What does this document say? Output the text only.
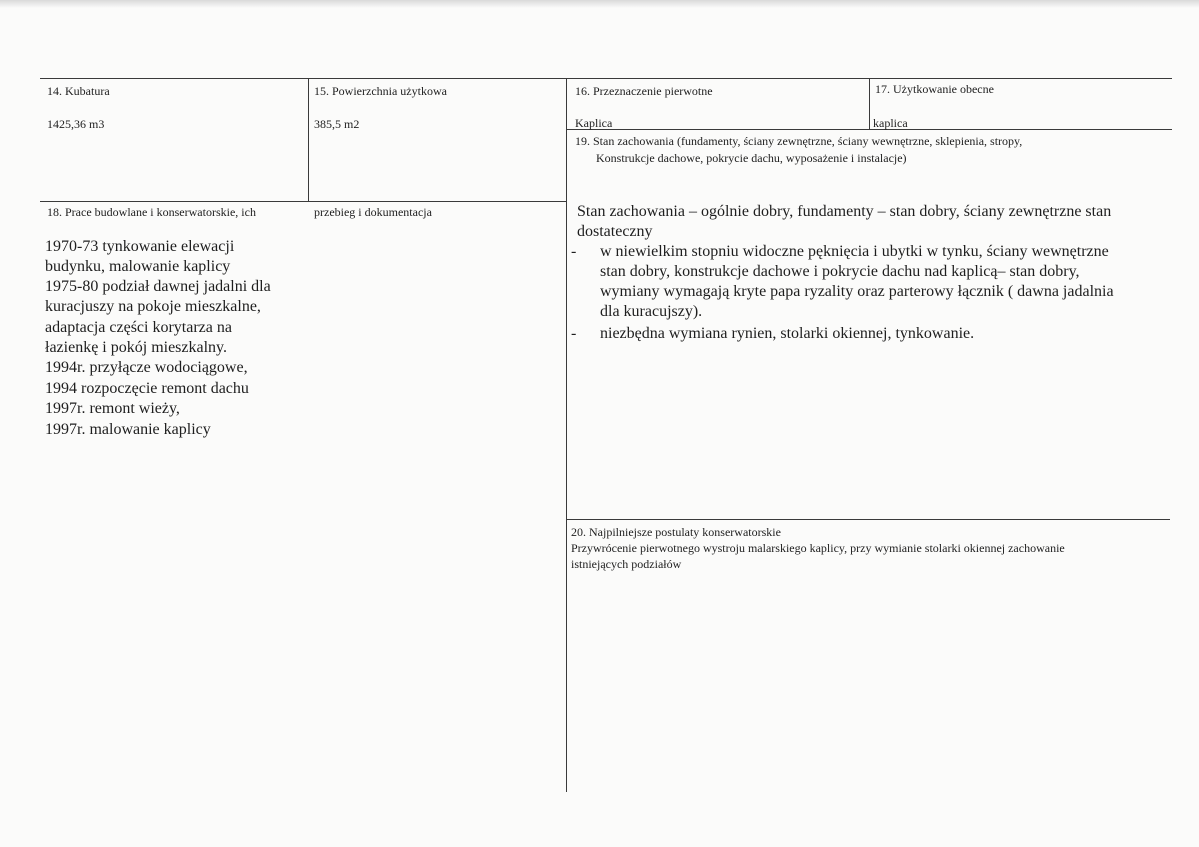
14. Kubatura
1425,36 m3
15. Powierzchnia użytkowa
385,5 m2
16. Przeznaczenie pierwotne
Kaplica
17. Użytkowanie obecne
kaplica
19. Stan zachowania (fundamenty, ściany zewnętrzne, ściany wewnętrzne, sklepienia, stropy,
Konstrukcje dachowe, pokrycie dachu, wyposażenie i instalacje)
18. Prace budowlane i konserwatorskie, ich	przebieg i dokumentacja
1970-73 tynkowanie elewacji
budynku, malowanie kaplicy
1975-80 podział dawnej jadalni dla
kuracjuszy na pokoje mieszkalne,
adaptacja części korytarza na
łazienkę i pokój mieszkalny.
1994r. przyłącze wodociągowe,
1994 rozpoczęcie remont dachu
1997r. remont wieży,
1997r. malowanie kaplicy
Stan zachowania – ogólnie dobry, fundamenty – stan dobry, ściany zewnętrzne stan
dostateczny
- w niewielkim stopniu widoczne pęknięcia i ubytki w tynku, ściany wewnętrzne
stan dobry, konstrukcje dachowe i pokrycie dachu nad kaplicą– stan dobry,
wymiany wymagają kryte papa ryzality oraz parterowy łącznik ( dawna jadalnia
dla kuracujszy).
- niezbędna wymiana rynien, stolarki okiennej, tynkowanie.
20. Najpilniejsze postulaty konserwatorskie
Przywrócenie pierwotnego wystroju malarskiego kaplicy, przy wymianie stolarki okiennej zachowanie
istniejących podziałów
